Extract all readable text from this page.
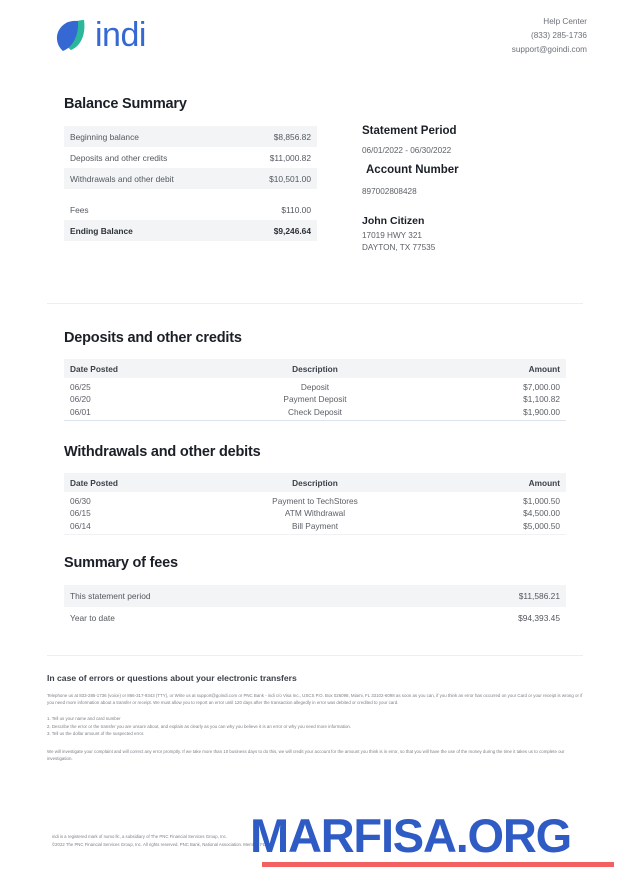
indi	Help Center
(833) 285-1736
support@goindi.com
Balance Summary
Beginning balance	$8,856.82
Deposits and other credits	$11,000.82
Withdrawals and other debit	$10,501.00
Fees	$110.00
Ending Balance	$9,246.64
Statement Period
06/01/2022 - 06/30/2022
Account Number
897002808428
John Citizen
17019 HWY 321
DAYTON, TX 77535
Deposits and other credits
Date Posted	Description	Amount
06/25	Deposit	$7,000.00
06/20	Payment Deposit	$1,100.82
06/01	Check Deposit	$1,900.00
Withdrawals and other debits
Date Posted	Description	Amount
06/30	Payment to TechStores	$1,000.50
06/15	ATM Withdrawal	$4,500.00
06/14	Bill Payment	$5,000.50
Summary of fees
This statement period	$11,586.21
Year to date	$94,393.45
In case of errors or questions about your electronic transfers
Telephone us at 833-285-1736 (voice) or 866-317-9343 (TTY), or Write us at support@goindi.com or PNC Bank - indi c/o Visa Inc., USCS P.O. Box 026098, Miami, FL 33102-6098 as soon as you can, if you think an error has occurred on your Card or your receipt is wrong or if you need more information about a transfer or receipt. We must allow you to report an error until 120 days after the transaction allegedly in error was debited or credited to your card.
1. Tell us your name and card number
2. Describe the error or the transfer you are unsure about, and explain as clearly as you can why you believe it is an error or why you need more information.
3. Tell us the dollar amount of the suspected error.
We will investigate your complaint and will correct any error promptly. If we take more than 10 business days to do this, we will credit your account for the amount you think is in error, so that you will have the use of the money during the time it takes us to complete our investigation.
indi is a registered mark of numo llc, a subsidiary of The PNC Financial Services Group, Inc.
©2022 The PNC Financial Services Group, Inc. All rights reserved. PNC Bank, National Association. Member FDIC.
MARFISA.ORG
